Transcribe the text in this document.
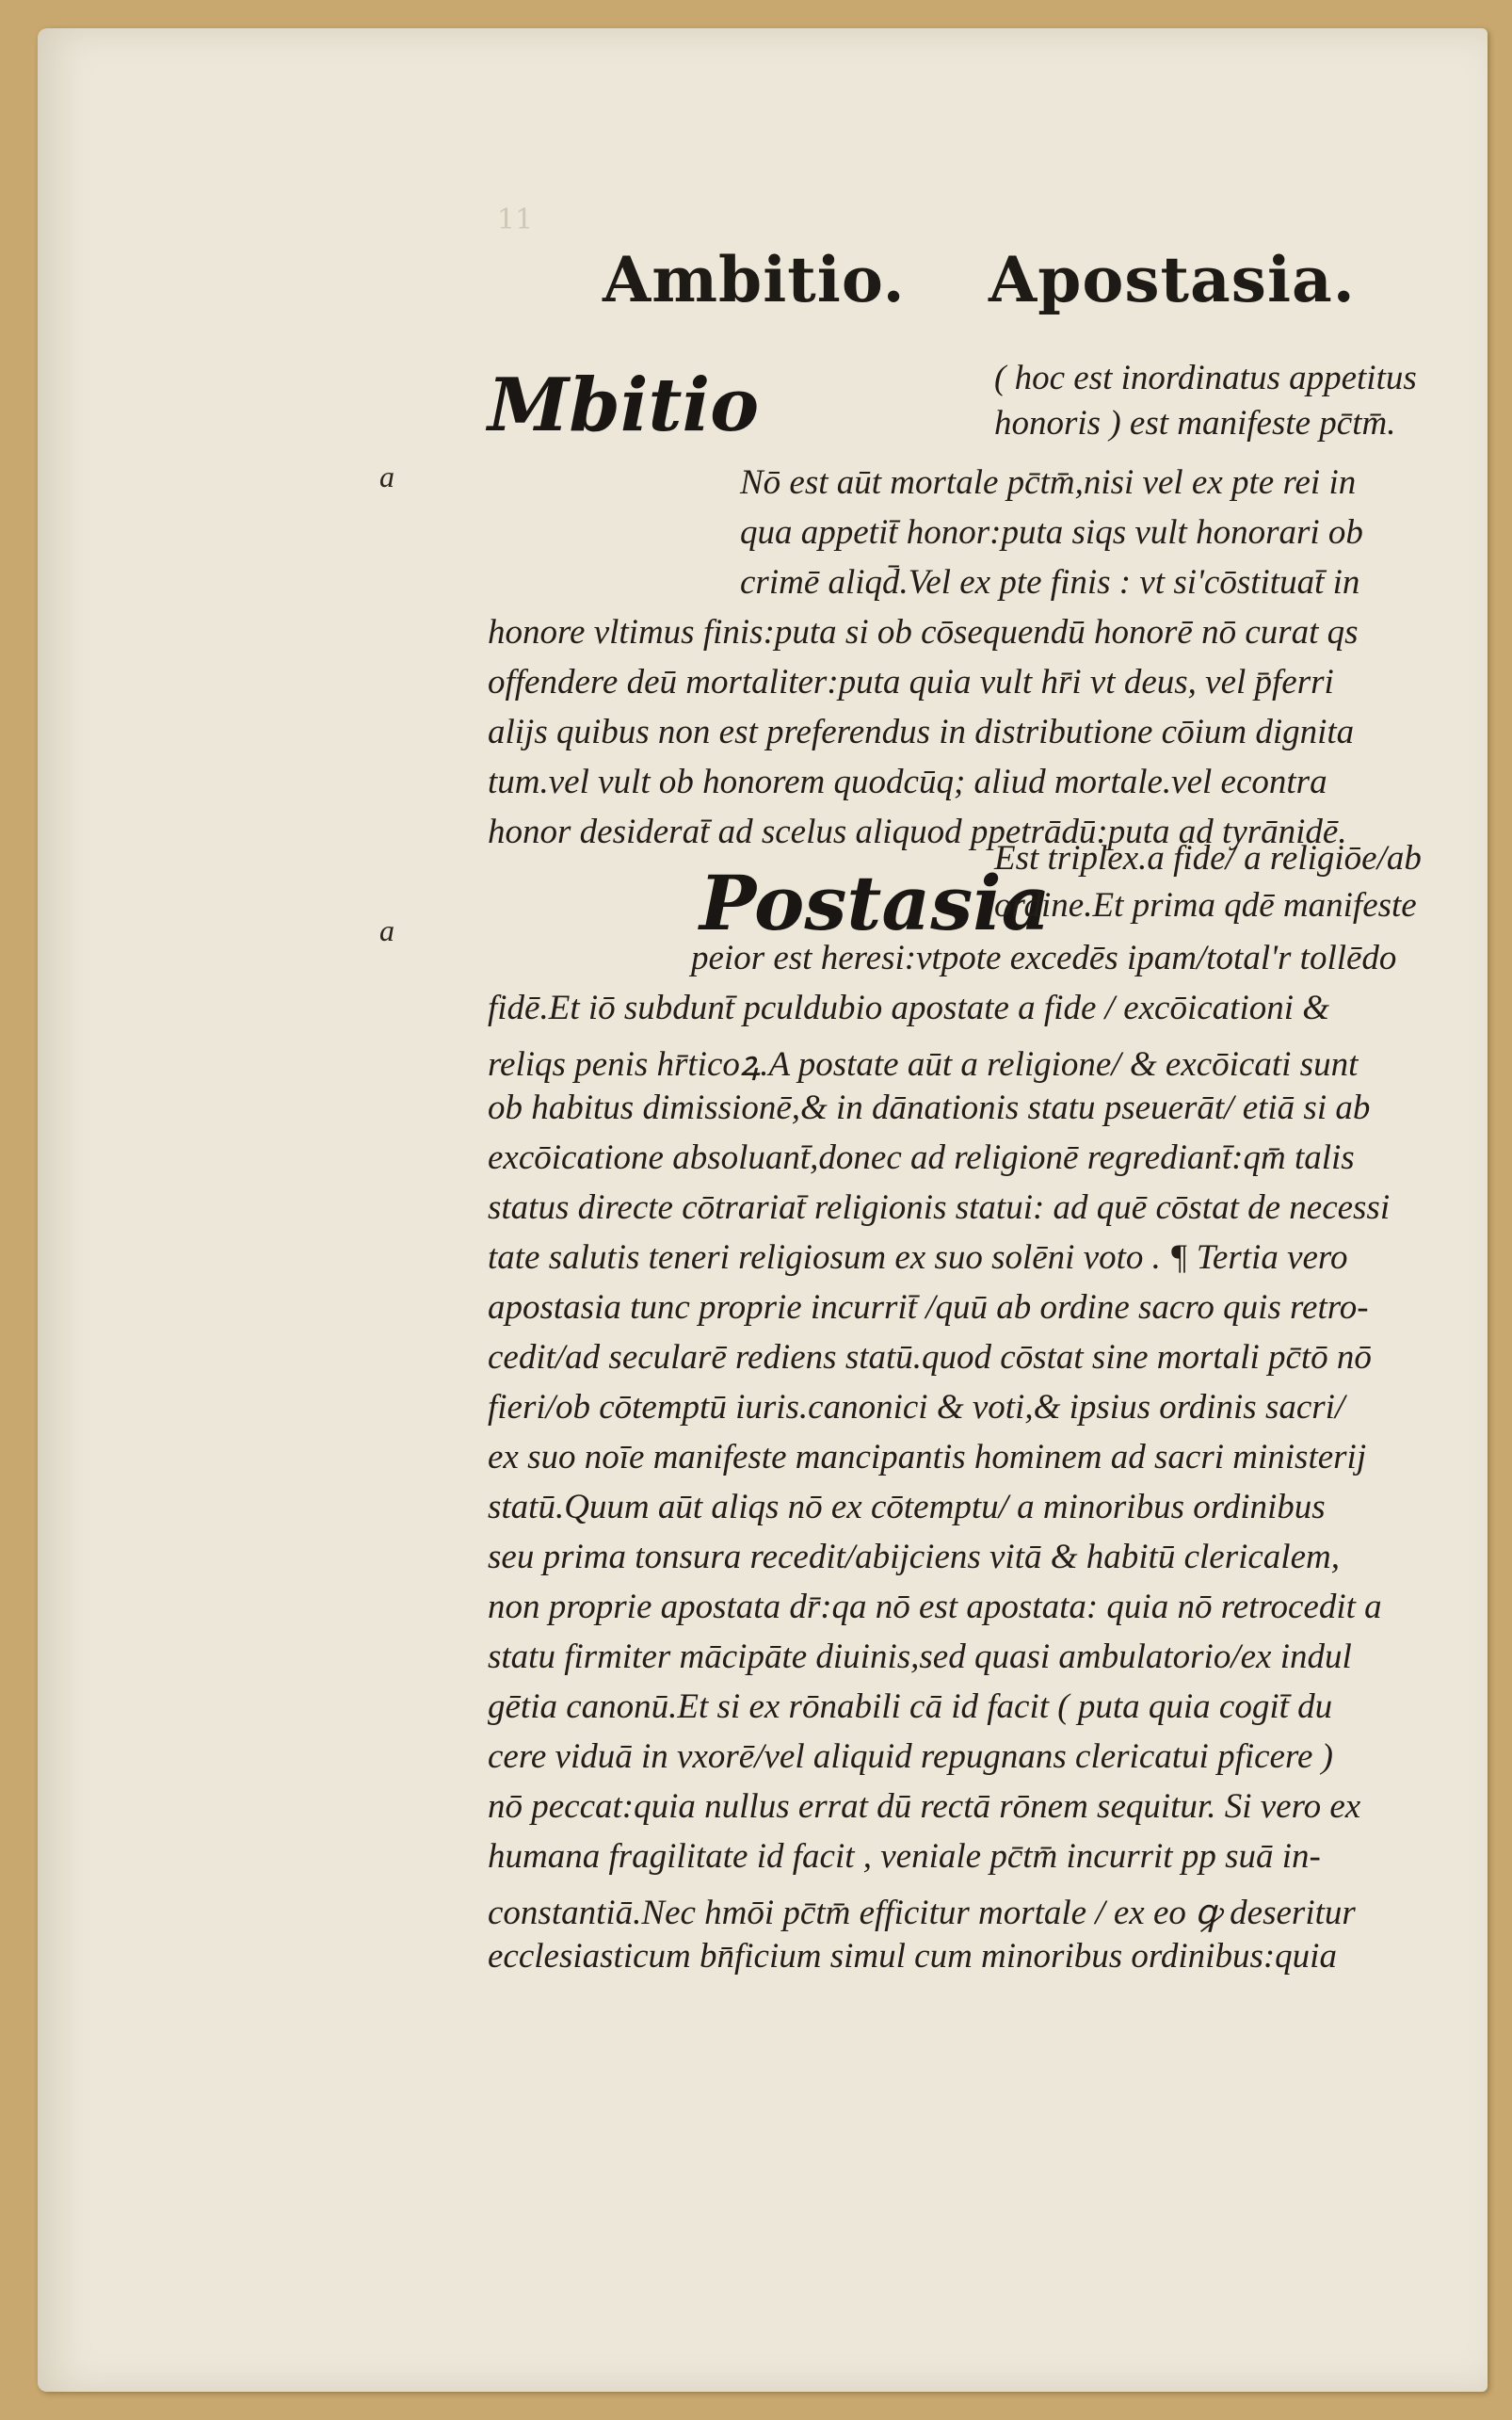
11
Ambitio. Apostasia.
Mbitio
a
( hoc est inordinatus appetitus
honoris ) est manifeste pc̄tm̄.
Nō est aūt mortale pc̄tm̄,nisi vel ex pte rei in
qua appetit̄ honor:puta siqs vult honorari ob
crimē aliqd̄.Vel ex pte finis : vt si'cōstituat̄ in
honore vltimus finis:puta si ob cōsequendū honorē nō curat qs
offendere deū mortaliter:puta quia vult hr̄i vt deus, vel p̄ferri
alijs quibus non est preferendus in distributione cōium dignita
tum.vel vult ob honorem quodcūq; aliud mortale.vel econtra
honor desiderat̄ ad scelus aliquod ppetrādū:puta ad tyrānidē.
Postasia
a
Est triplex.a fide/ a religiōe/ab
ordine.Et prima qdē manifeste
peior est heresi:vtpote excedēs ipam/total'r tollēdo
fidē.Et iō subdunt̄ pculdubio apostate a fide / excōicationi &
reliqs penis hr̄ticoꝝ.A postate aūt a religione/ & excōicati sunt
ob habitus dimissionē,& in dānationis statu pseuerāt/ etiā si ab
excōicatione absoluant̄,donec ad religionē regrediant̄:qm̄ talis
status directe cōtrariat̄ religionis statui: ad quē cōstat de necessi
tate salutis teneri religiosum ex suo solēni voto . ¶ Tertia vero
apostasia tunc proprie incurrit̄ /quū ab ordine sacro quis retro-
cedit/ad secularē rediens statū.quod cōstat sine mortali pc̄tō nō
fieri/ob cōtemptū iuris.canonici & voti,& ipsius ordinis sacri/
ex suo noīe manifeste mancipantis hominem ad sacri ministerij
statū.Quum aūt aliqs nō ex cōtemptu/ a minoribus ordinibus
seu prima tonsura recedit/abijciens vitā & habitū clericalem,
non proprie apostata dr̄:qa nō est apostata: quia nō retrocedit a
statu firmiter mācipāte diuinis,sed quasi ambulatorio/ex indul
gētia canonū.Et si ex rōnabili cā id facit ( puta quia cogit̄ du
cere viduā in vxorē/vel aliquid repugnans clericatui pficere )
nō peccat:quia nullus errat dū rectā rōnem sequitur. Si vero ex
humana fragilitate id facit , veniale pc̄tm̄ incurrit pp suā in-
constantiā.Nec hmōi pc̄tm̄ efficitur mortale / ex eo ꝙ deseritur
ecclesiasticum bn̄ficium simul cum minoribus ordinibus:quia
